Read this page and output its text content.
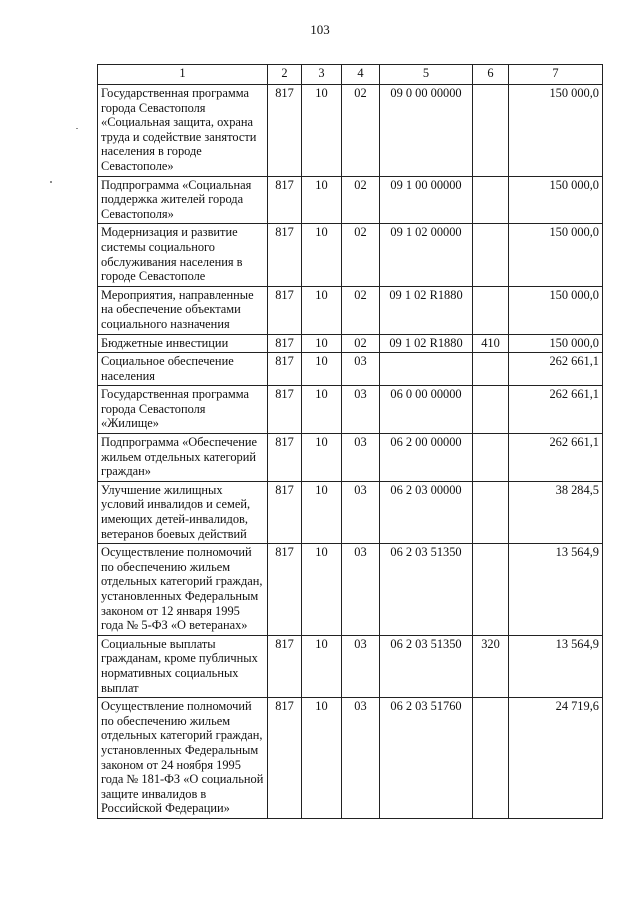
103
1	2	3	4	5	6	7
Государственная программа города Севастополя «Социальная защита, охрана труда и содействие занятости населения в городе Севастополе»	817	10	02	09 0 00 00000		150 000,0
Подпрограмма «Социальная поддержка жителей города Севастополя»	817	10	02	09 1 00 00000		150 000,0
Модернизация и развитие системы социального обслуживания населения в городе Севастополе	817	10	02	09 1 02 00000		150 000,0
Мероприятия, направленные на обеспечение объектами социального назначения	817	10	02	09 1 02 R1880		150 000,0
Бюджетные инвестиции	817	10	02	09 1 02 R1880	410	150 000,0
Социальное обеспечение населения	817	10	03			262 661,1
Государственная программа города Севастополя «Жилище»	817	10	03	06 0 00 00000		262 661,1
Подпрограмма «Обеспечение жильем отдельных категорий граждан»	817	10	03	06 2 00 00000		262 661,1
Улучшение жилищных условий инвалидов и семей, имеющих детей-инвалидов, ветеранов боевых действий	817	10	03	06 2 03 00000		38 284,5
Осуществление полномочий по обеспечению жильем отдельных категорий граждан, установленных Федеральным законом от 12 января 1995 года № 5-ФЗ «О ветеранах»	817	10	03	06 2 03 51350		13 564,9
Социальные выплаты гражданам, кроме публичных нормативных социальных выплат	817	10	03	06 2 03 51350	320	13 564,9
Осуществление полномочий по обеспечению жильем отдельных категорий граждан, установленных Федеральным законом от 24 ноября 1995 года № 181-ФЗ «О социальной защите инвалидов в Российской Федерации»	817	10	03	06 2 03 51760		24 719,6
